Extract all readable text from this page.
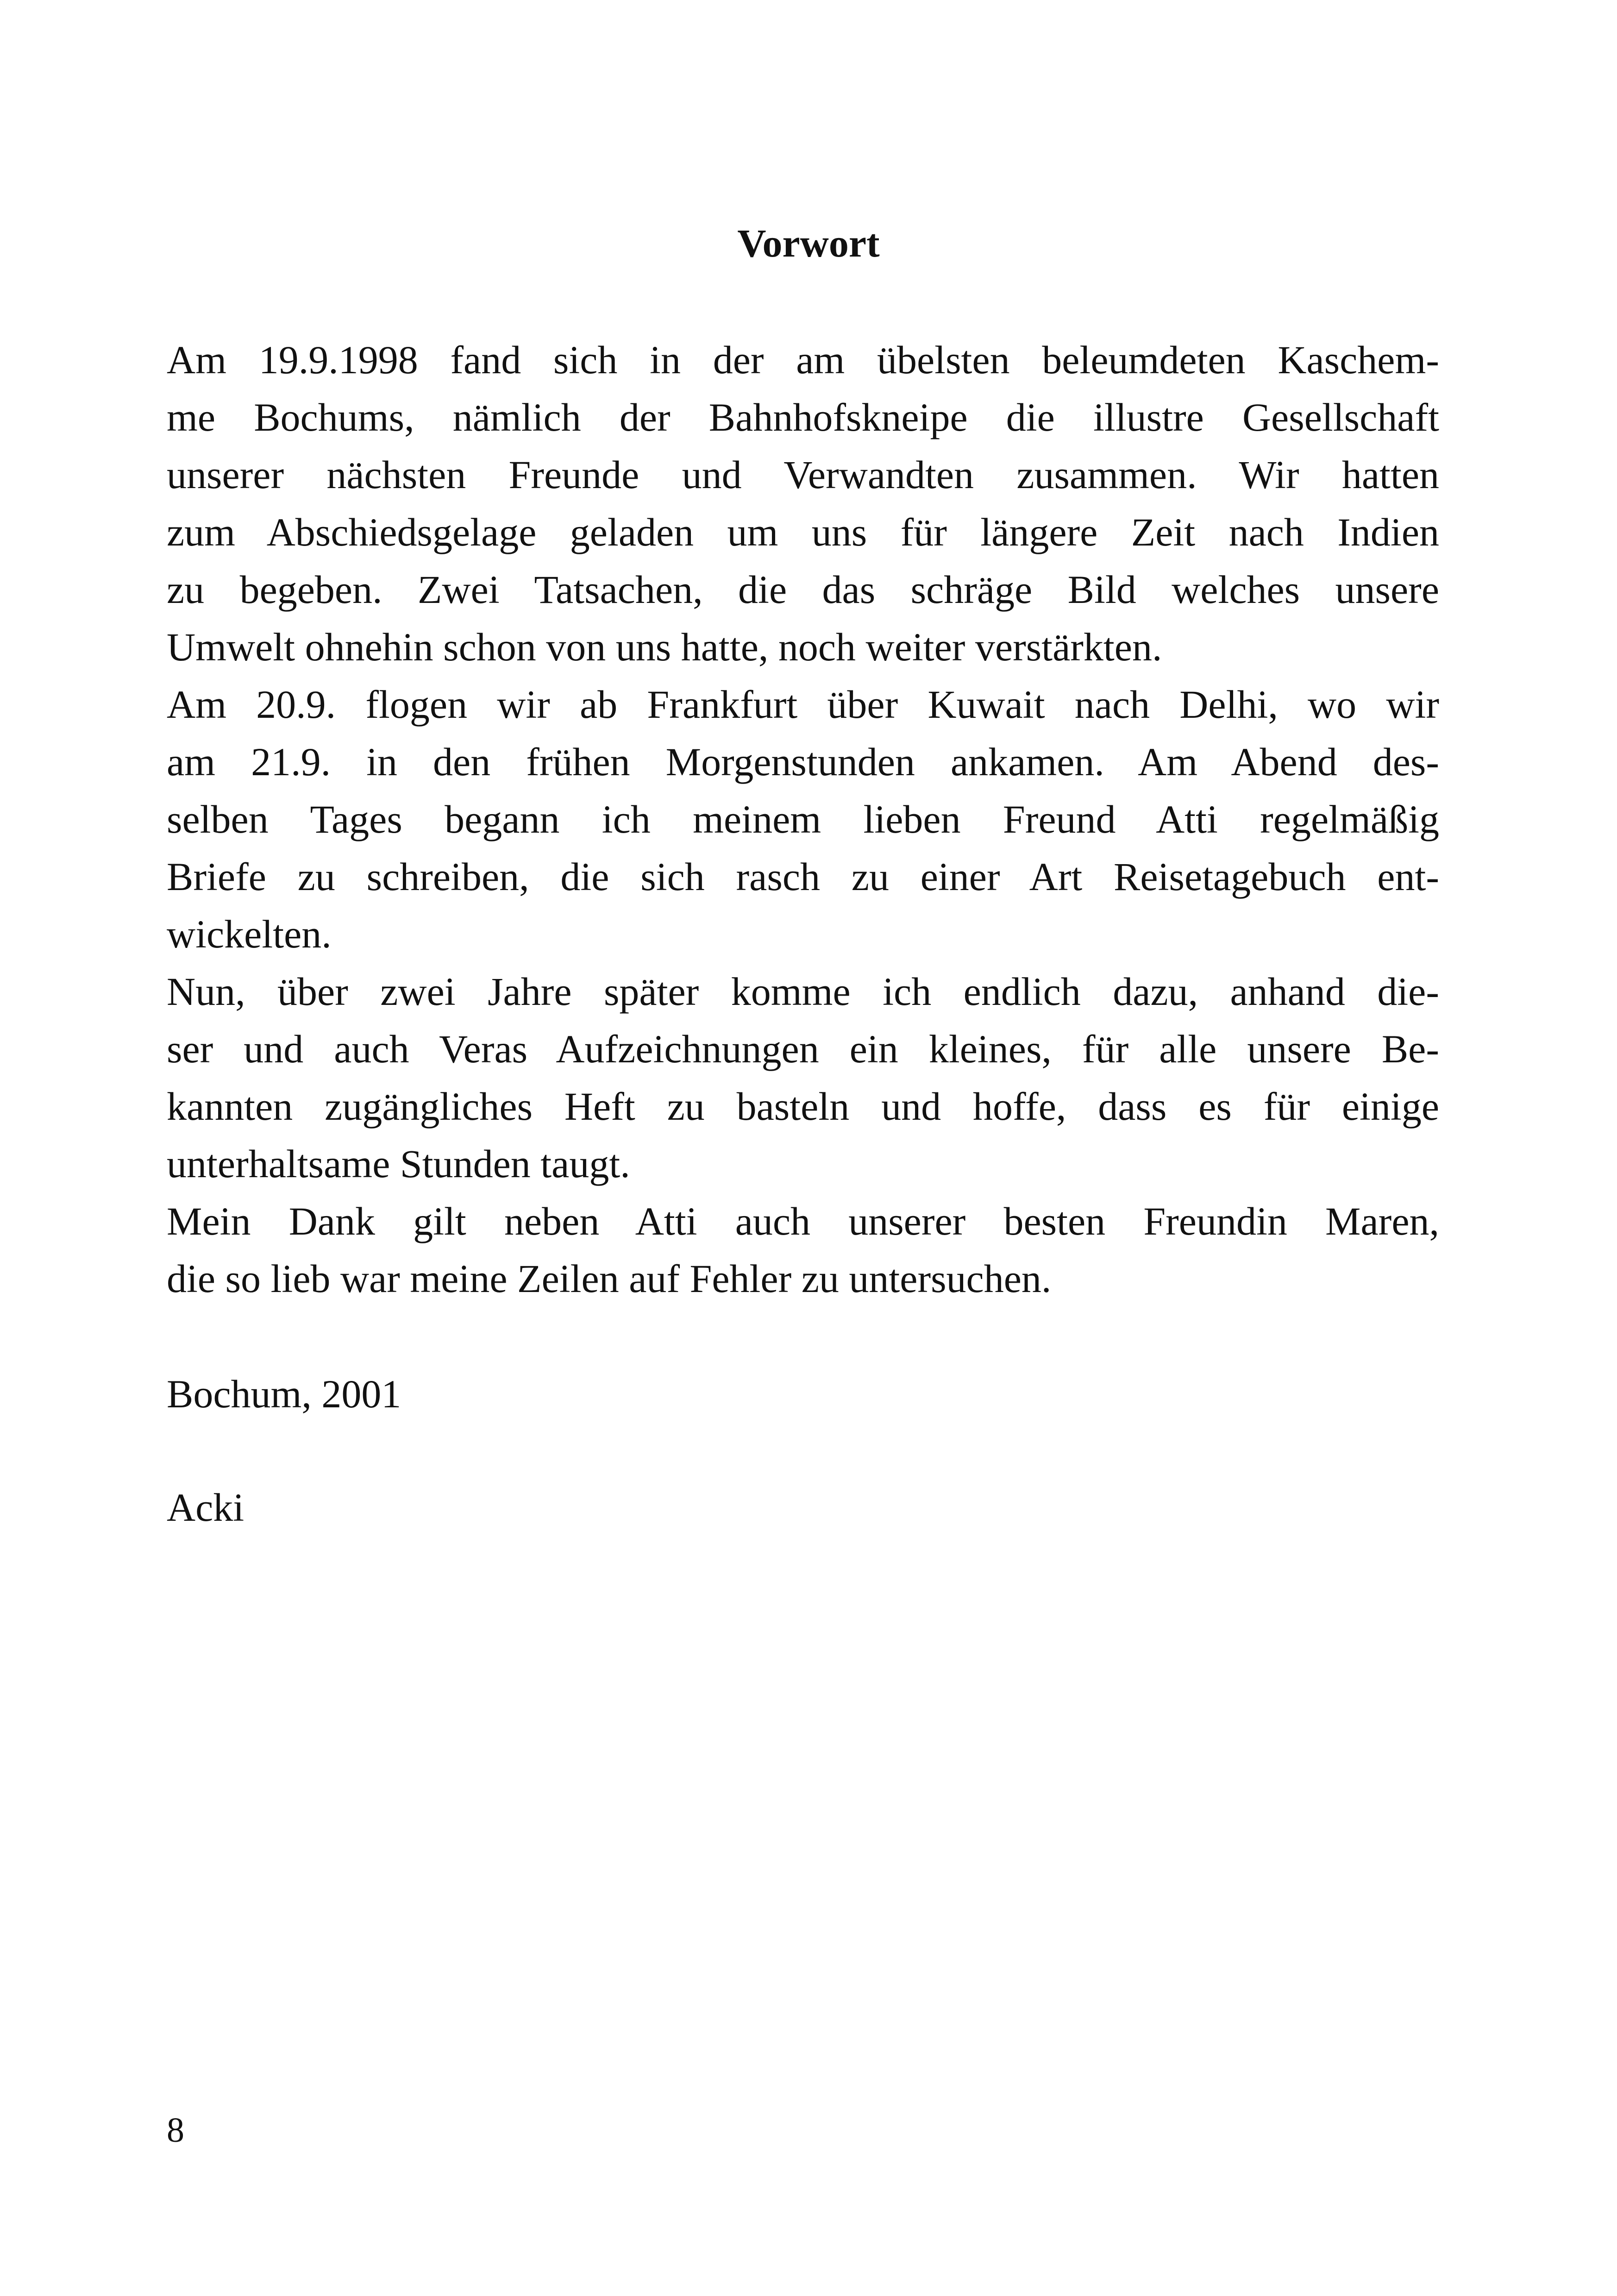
Vorwort
Am 19.9.1998 fand sich in der am übelsten beleumdeten Kaschem-
me Bochums, nämlich der Bahnhofskneipe die illustre Gesellschaft
unserer nächsten Freunde und Verwandten zusammen. Wir hatten
zum Abschiedsgelage geladen um uns für längere Zeit nach Indien
zu begeben. Zwei Tatsachen, die das schräge Bild welches unsere
Umwelt ohnehin schon von uns hatte, noch weiter verstärkten.
Am 20.9. flogen wir ab Frankfurt über Kuwait nach Delhi, wo wir
am 21.9. in den frühen Morgenstunden ankamen. Am Abend des-
selben Tages begann ich meinem lieben Freund Atti regelmäßig
Briefe zu schreiben, die sich rasch zu einer Art Reisetagebuch ent-
wickelten.
Nun, über zwei Jahre später komme ich endlich dazu, anhand die-
ser und auch Veras Aufzeichnungen ein kleines, für alle unsere Be-
kannten zugängliches Heft zu basteln und hoffe, dass es für einige
unterhaltsame Stunden taugt.
Mein Dank gilt neben Atti auch unserer besten Freundin Maren,
die so lieb war meine Zeilen auf Fehler zu untersuchen.
Bochum, 2001
Acki
8
